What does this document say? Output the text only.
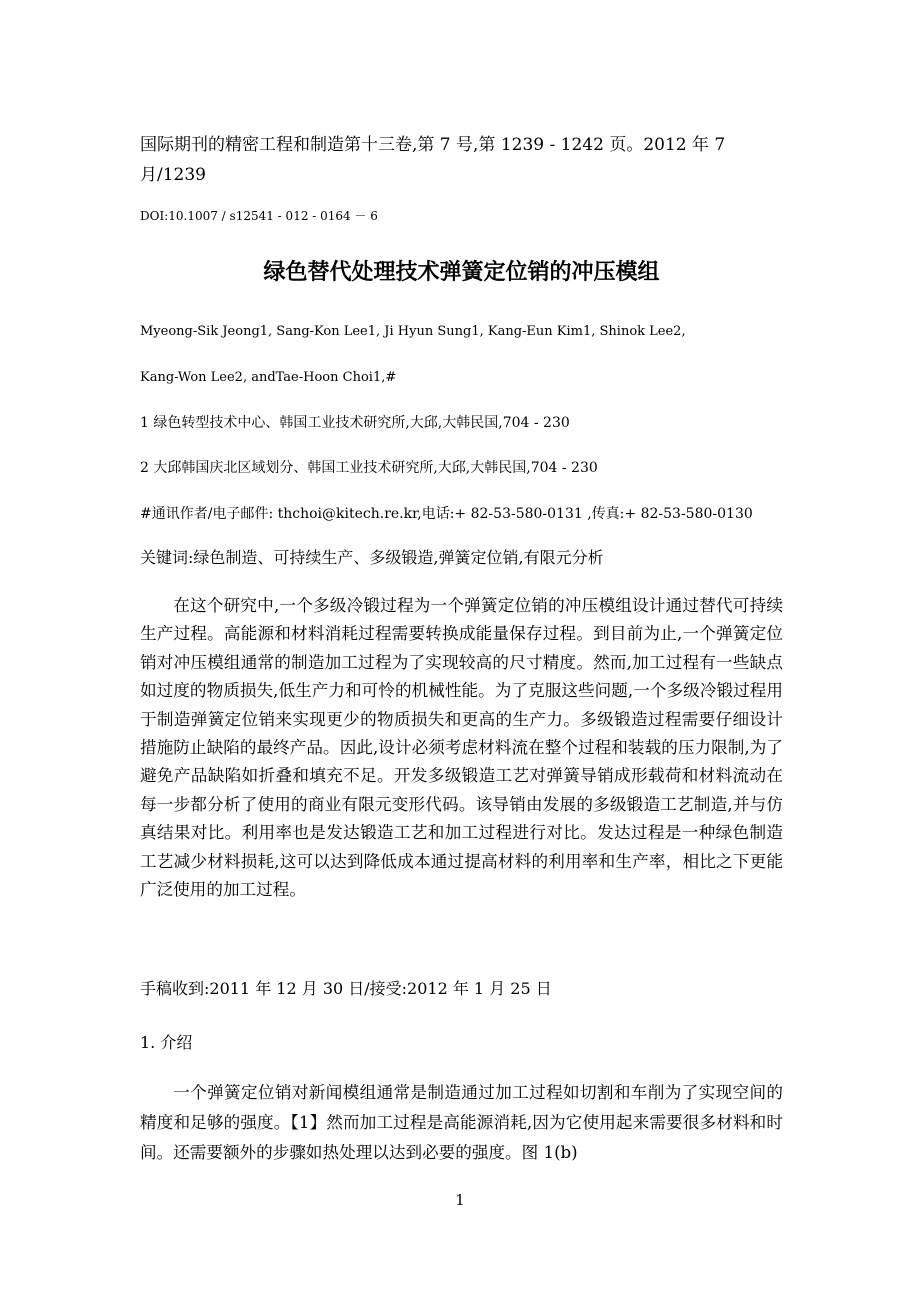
国际期刊的精密工程和制造第十三卷,第 7 号,第 1239 - 1242 页。2012 年 7 月/1239

DOI:10.1007 / s12541 - 012 - 0164 － 6

绿色替代处理技术弹簧定位销的冲压模组

Myeong-Sik Jeong1, Sang-Kon Lee1, Ji Hyun Sung1, Kang-Eun Kim1, Shinok Lee2,

Kang-Won Lee2, andTae-Hoon Choi1,#

1 绿色转型技术中心、韩国工业技术研究所,大邱,大韩民国,704 - 230

2 大邱韩国庆北区域划分、韩国工业技术研究所,大邱,大韩民国,704 - 230

#通讯作者/电子邮件: thchoi@kitech.re.kr,电话:+ 82-53-580-0131 ,传真:+ 82-53-580-0130

关键词:绿色制造、可持续生产、多级锻造,弹簧定位销,有限元分析

在这个研究中,一个多级冷锻过程为一个弹簧定位销的冲压模组设计通过替代可持续生产过程。高能源和材料消耗过程需要转换成能量保存过程。到目前为止,一个弹簧定位销对冲压模组通常的制造加工过程为了实现较高的尺寸精度。然而,加工过程有一些缺点如过度的物质损失,低生产力和可怜的机械性能。为了克服这些问题,一个多级冷锻过程用于制造弹簧定位销来实现更少的物质损失和更高的生产力。多级锻造过程需要仔细设计措施防止缺陷的最终产品。因此,设计必须考虑材料流在整个过程和装载的压力限制,为了避免产品缺陷如折叠和填充不足。开发多级锻造工艺对弹簧导销成形载荷和材料流动在每一步都分析了使用的商业有限元变形代码。该导销由发展的多级锻造工艺制造,并与仿真结果对比。利用率也是发达锻造工艺和加工过程进行对比。发达过程是一种绿色制造工艺减少材料损耗,这可以达到降低成本通过提高材料的利用率和生产率，相比之下更能广泛使用的加工过程。

手稿收到:2011 年 12 月 30 日/接受:2012 年 1 月 25 日

1. 介绍

一个弹簧定位销对新闻模组通常是制造通过加工过程如切割和车削为了实现空间的精度和足够的强度。【1】然而加工过程是高能源消耗,因为它使用起来需要很多材料和时间。还需要额外的步骤如热处理以达到必要的强度。图 1(b)

1
